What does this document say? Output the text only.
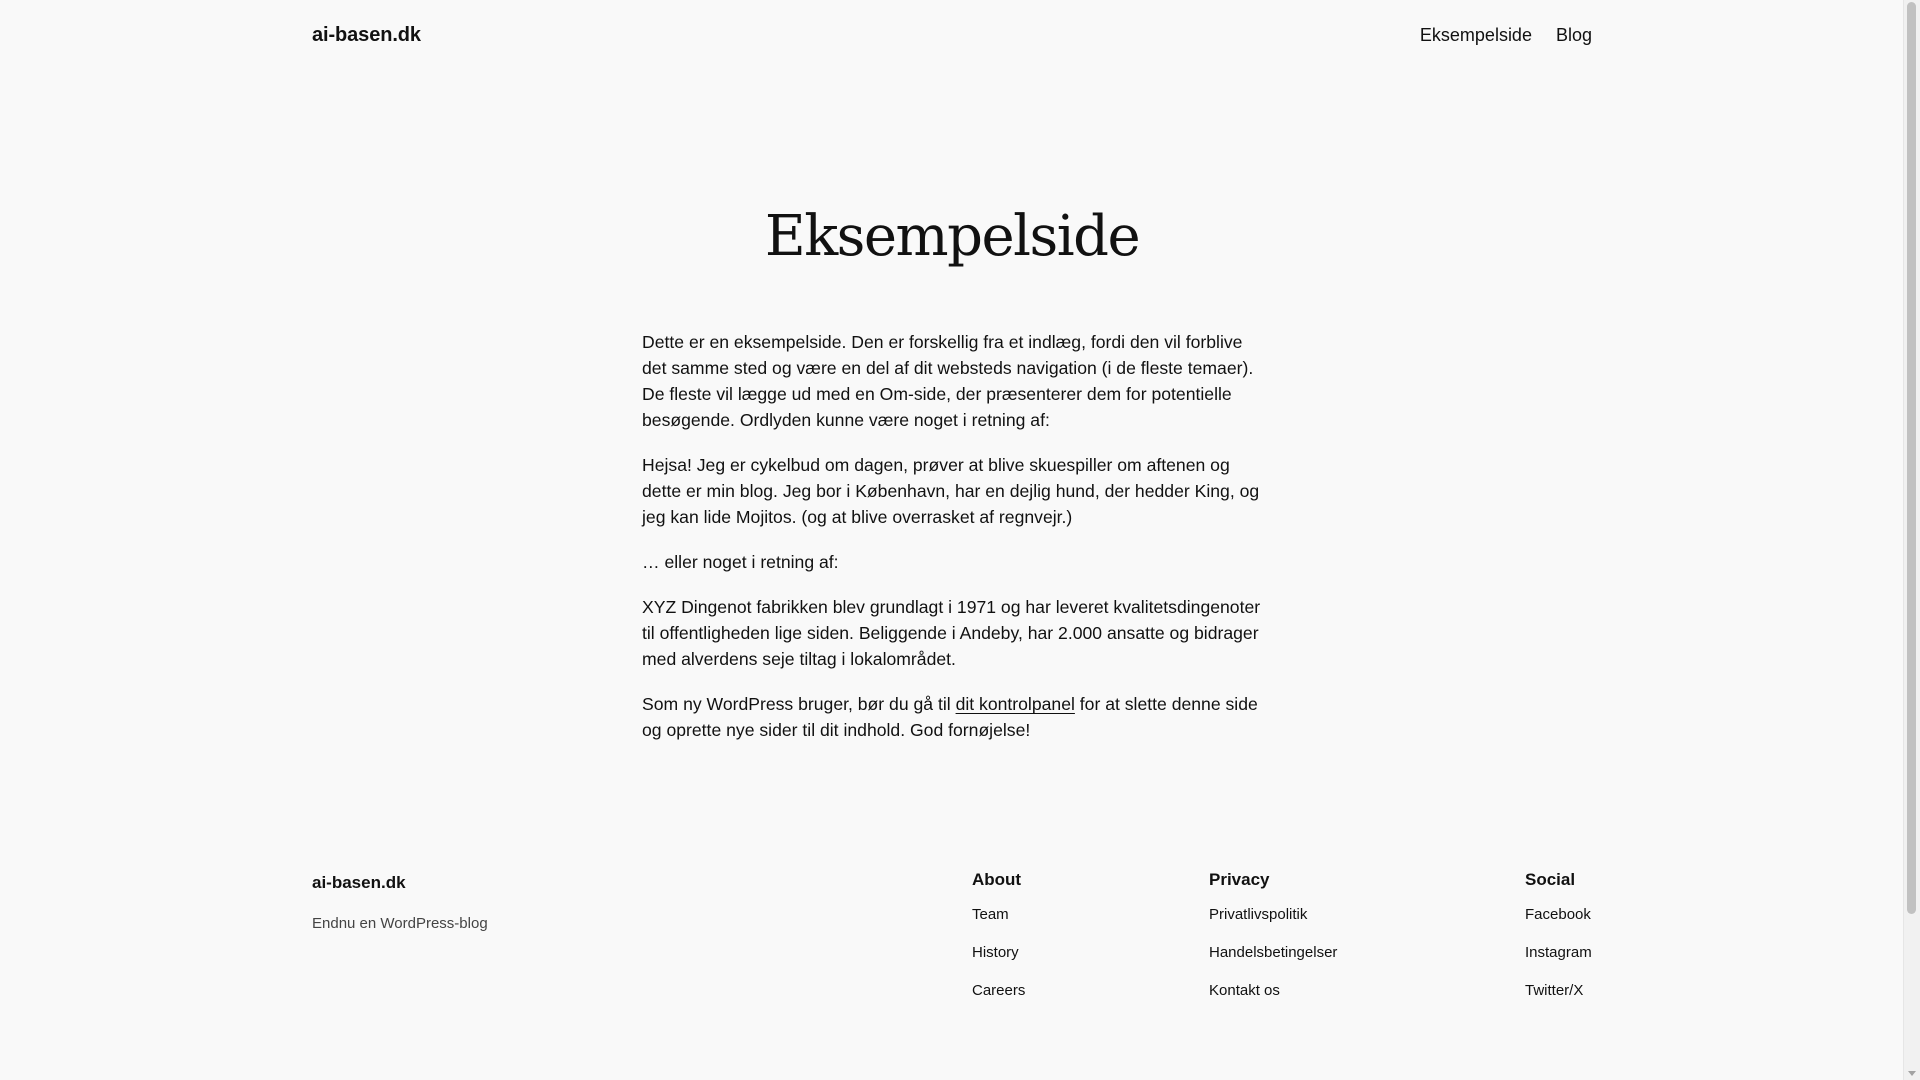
ai-basen.dk	Eksempelside Blog
Eksempelside

Dette er en eksempelside. Den er forskellig fra et indlæg, fordi den vil forblive det samme sted og være en del af dit websteds navigation (i de fleste temaer). De fleste vil lægge ud med en Om-side, der præsenterer dem for potentielle besøgende. Ordlyden kunne være noget i retning af:

Hejsa! Jeg er cykelbud om dagen, prøver at blive skuespiller om aftenen og dette er min blog. Jeg bor i København, har en dejlig hund, der hedder King, og jeg kan lide Mojitos. (og at blive overrasket af regnvejr.)

… eller noget i retning af:

XYZ Dingenot fabrikken blev grundlagt i 1971 og har leveret kvalitetsdingenoter til offentligheden lige siden. Beliggende i Andeby, har 2.000 ansatte og bidrager med alverdens seje tiltag i lokalområdet.

Som ny WordPress bruger, bør du gå til dit kontrolpanel for at slette denne side og oprette nye sider til dit indhold. God fornøjelse!

ai-basen.dk
Endnu en WordPress-blog
About
Team
History
Careers
Privacy
Privatlivspolitik
Handelsbetingelser
Kontakt os
Social
Facebook
Instagram
Twitter/X
